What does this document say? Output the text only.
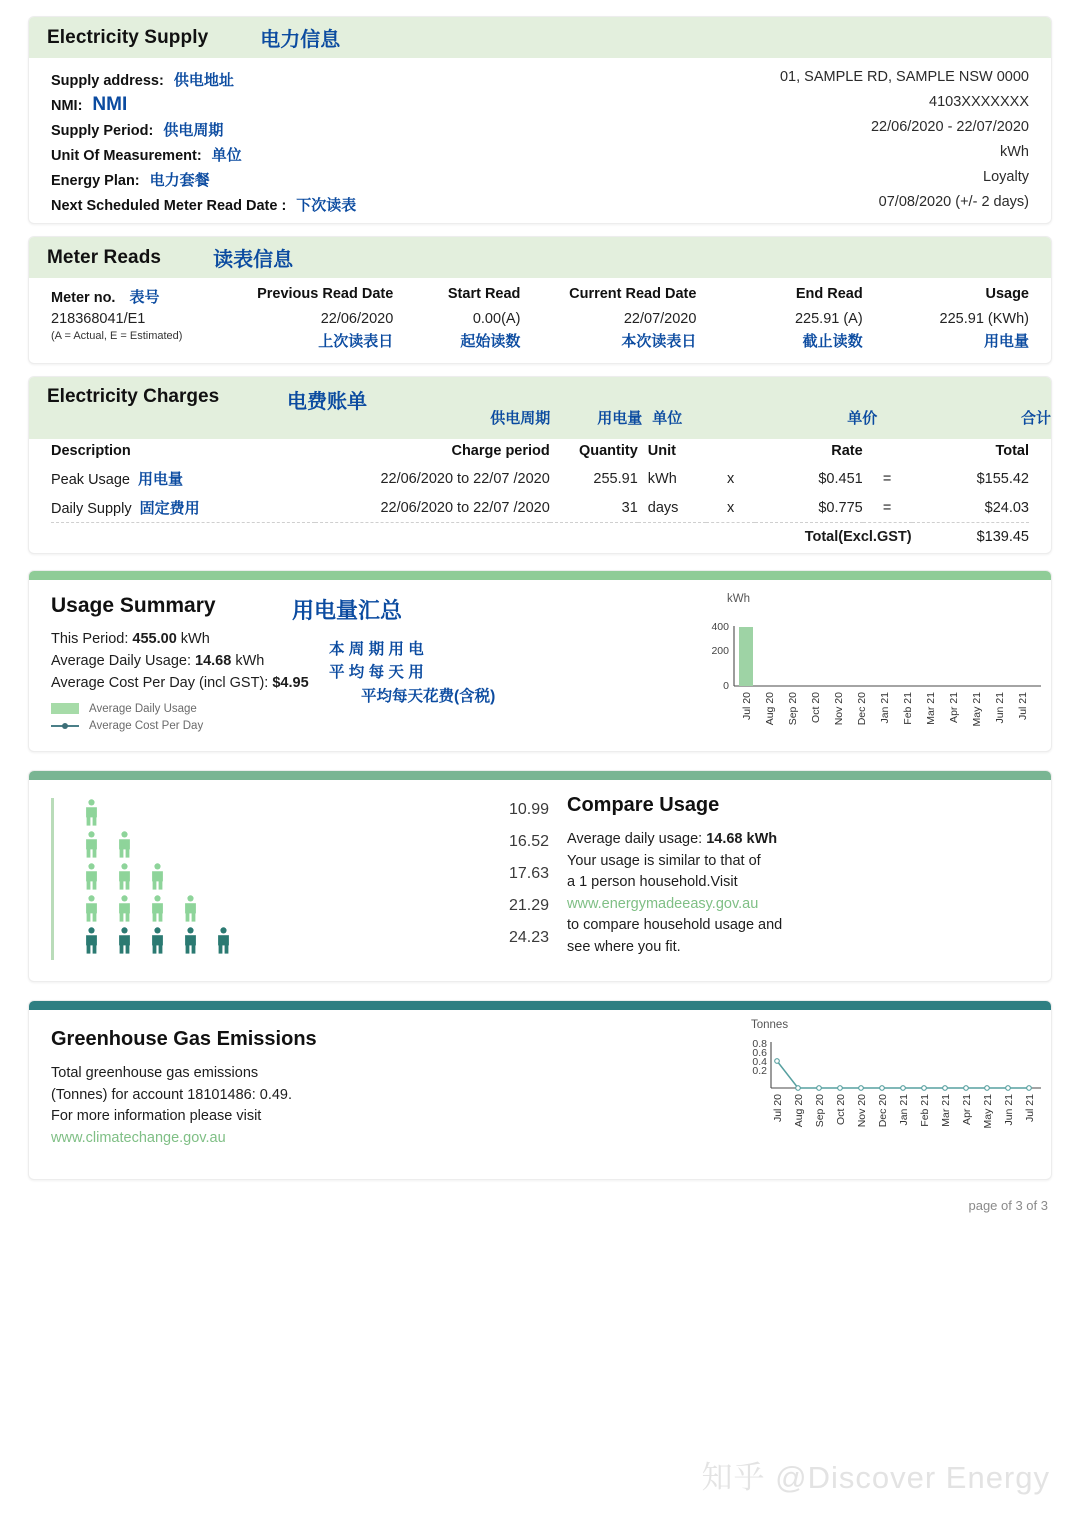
Electricity Supply	电力信息
Supply address: 供电地址	01, SAMPLE RD, SAMPLE NSW 0000
NMI: NMI	4103XXXXXXX
Supply Period: 供电周期	22/06/2020 - 22/07/2020
Unit Of Measurement: 单位	kWh
Energy Plan: 电力套餐	Loyalty
Next Scheduled Meter Read Date : 下次读表	07/08/2020 (+/- 2 days)
Meter Reads	读表信息
Meter no. 表号	Previous Read Date	Start Read	Current Read Date	End Read	Usage
218368041/E1	22/06/2020	0.00(A)	22/07/2020	225.91 (A)	225.91 (KWh)
(A = Actual, E = Estimated)	上次读表日	起始读数	本次读表日	截止读数	用电量
Electricity Charges	电费账单
	供电周期	用电量	单位		单价		合计
Description	Charge period	Quantity	Unit		Rate		Total
Peak Usage 用电量	22/06/2020 to 22/07 /2020	255.91	kWh	x	$0.451	=	$155.42
Daily Supply 固定费用	22/06/2020 to 22/07 /2020	31	days	x	$0.775	=	$24.03
					Total(Excl.GST)		$139.45
Usage Summary	用电量汇总
This Period: 455.00 kWh
Average Daily Usage: 14.68 kWh
Average Cost Per Day (incl GST): $4.95
本 周 期 用 电
平 均 每 天 用
平均每天花费(含税)
Average Daily Usage
Average Cost Per Day
kWh
400
200
0
Jul 20 Aug 20 Sep 20 Oct 20 Nov 20 Dec 20 Jan 21 Feb 21 Mar 21 Apr 21 May 21 Jun 21 Jul 21
10.99
16.52
17.63
21.29
24.23
Compare Usage

Average daily usage: 14.68 kWh

Your usage is similar to that of

a 1 person household.Visit

www.energymadeeasy.gov.au

to compare household usage and

see where you fit.

Greenhouse Gas Emissions

Total greenhouse gas emissions

(Tonnes) for account 18101486: 0.49.

For more information please visit

www.climatechange.gov.au

Tonnes
0.8
0.6
0.4
0.2
Jul 20 Aug 20 Sep 20 Oct 20 Nov 20 Dec 20 Jan 21 Feb 21 Mar 21 Apr 21 May 21 Jun 21 Jul 21
page of 3 of 3
知乎 @Discover Energy
